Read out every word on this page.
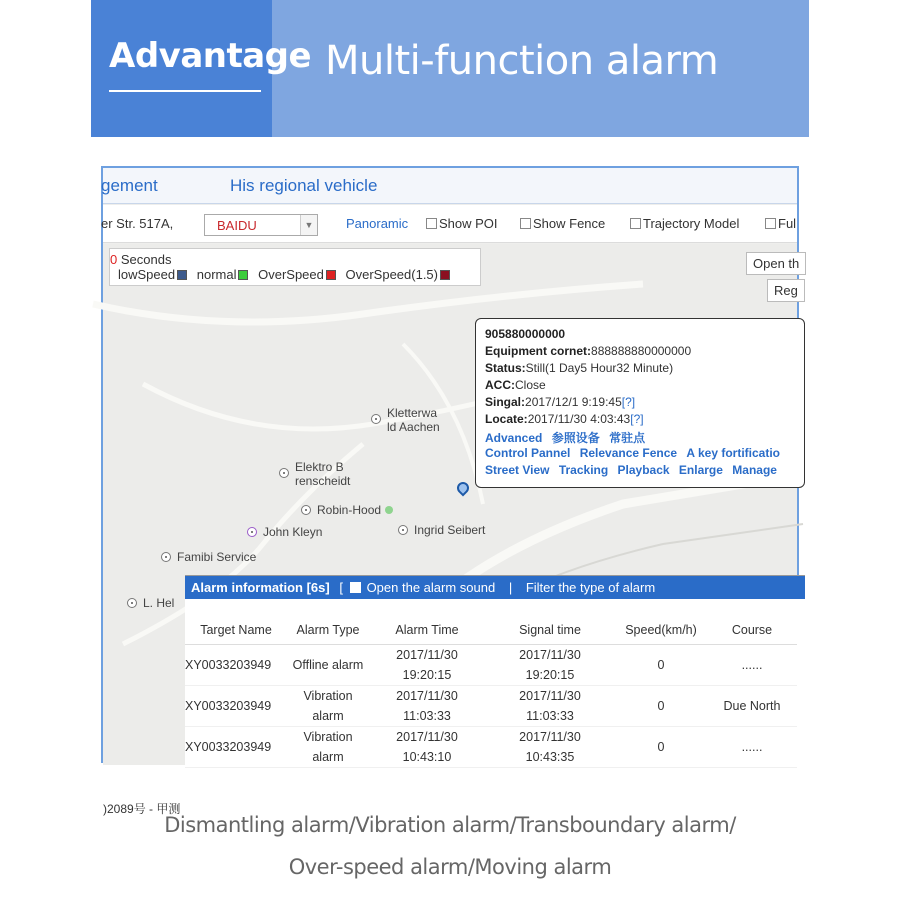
Advantage Multi-function alarm
gement	His regional vehicle
er Str. 517A,	BAIDU	▼	Panoramic	Show POI	Show Fence	Trajectory Model	Ful
0 Seconds
lowSpeed normal OverSpeed OverSpeed(1.5)
Open th
Reg
Kletterwa
ld Aachen
Elektro B
renscheidt
Robin-Hood
John Kleyn	Ingrid Seibert
Famibi Service
L. Hel
905880000000
Equipment cornet:888888880000000
Status:Still(1 Day5 Hour32 Minute)
ACC:Close
Singal:2017/12/1 9:19:45[?]
Locate:2017/11/30 4:03:43[?]
Advanced 参照设备 常驻点
Control Pannel Relevance Fence A key fortificatio
Street View Tracking Playback Enlarge Manage
)2089号 - 甲测
Alarm information [6s] [ Open the alarm sound | Filter the type of alarm
Target Name	Alarm Type	Alarm Time	Signal time	Speed(km/h)	Course
XY0033203949	Offline alarm	2017/11/30
19:20:15	2017/11/30
19:20:15	0	......
XY0033203949	Vibration alarm	2017/11/30
11:03:33	2017/11/30
11:03:33	0	Due North
XY0033203949	Vibration alarm	2017/11/30
10:43:10	2017/11/30
10:43:35	0	......
Dismantling alarm/Vibration alarm/Transboundary alarm/
Over-speed alarm/Moving alarm
